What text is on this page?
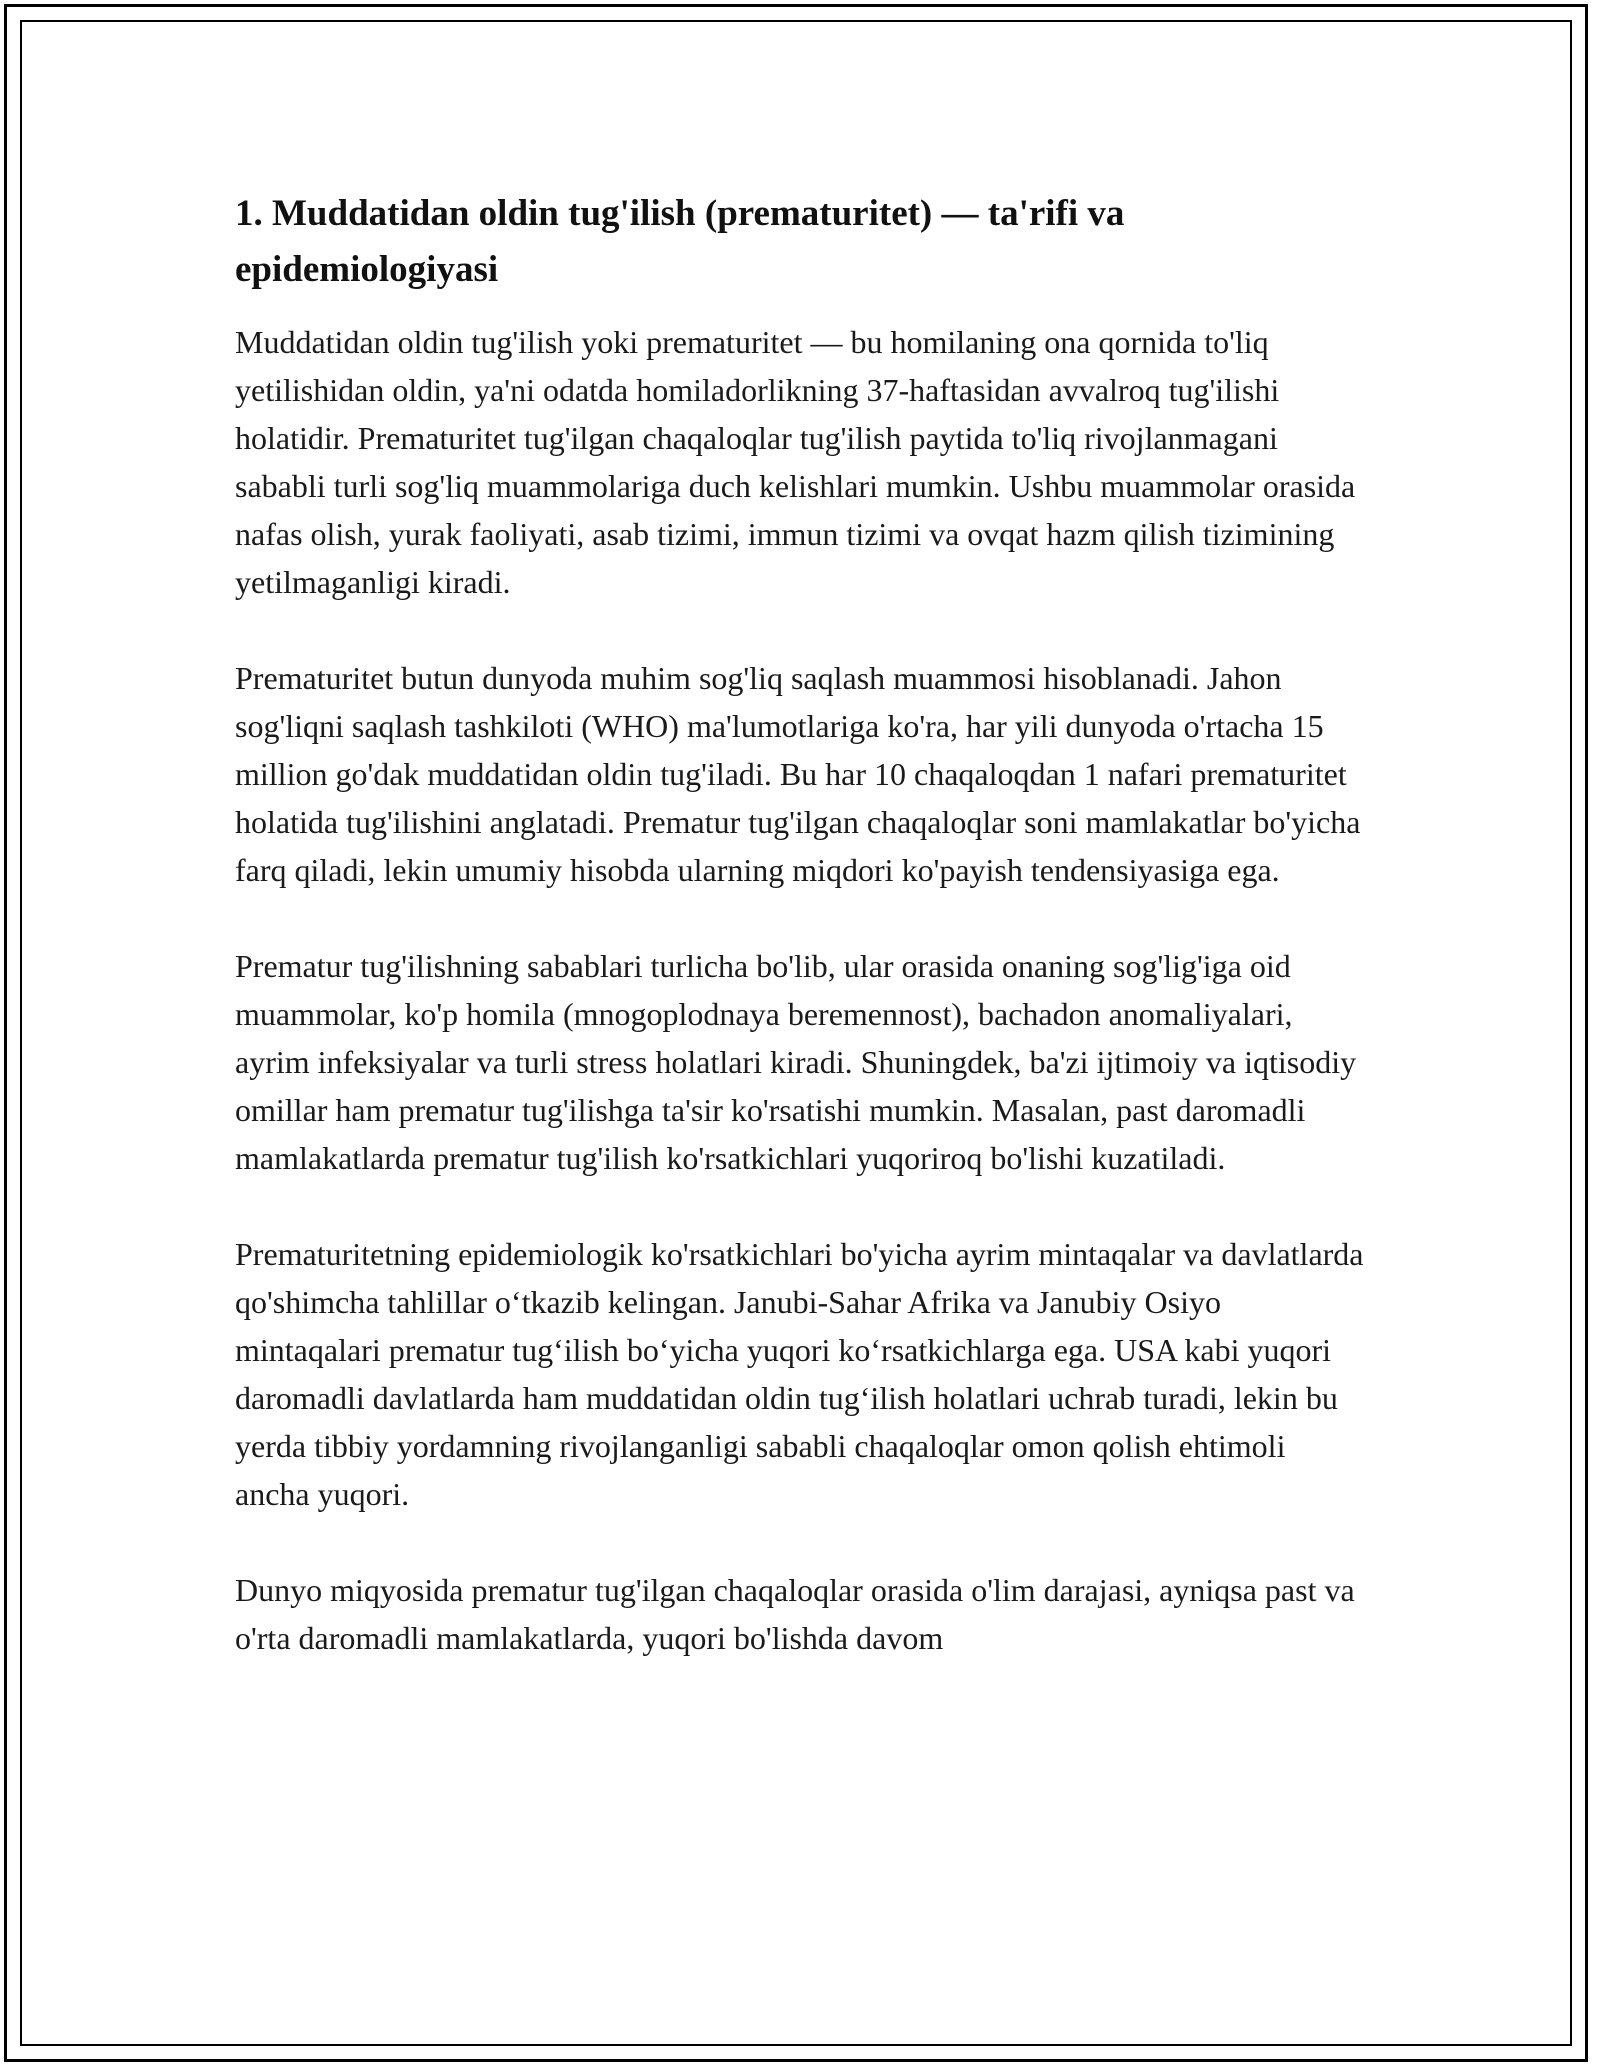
1. Muddatidan oldin tug'ilish (prematuritet) — ta'rifi va epidemiologiyasi

Muddatidan oldin tug'ilish yoki prematuritet — bu homilaning ona qornida to'liq yetilishidan oldin, ya'ni odatda homiladorlikning 37-haftasidan avvalroq tug'ilishi holatidir. Prematuritet tug'ilgan chaqaloqlar tug'ilish paytida to'liq rivojlanmagani sababli turli sog'liq muammolariga duch kelishlari mumkin. Ushbu muammolar orasida nafas olish, yurak faoliyati, asab tizimi, immun tizimi va ovqat hazm qilish tizimining yetilmaganligi kiradi.

Prematuritet butun dunyoda muhim sog'liq saqlash muammosi hisoblanadi. Jahon sog'liqni saqlash tashkiloti (WHO) ma'lumotlariga ko'ra, har yili dunyoda o'rtacha 15 million go'dak muddatidan oldin tug'iladi. Bu har 10 chaqaloqdan 1 nafari prematuritet holatida tug'ilishini anglatadi. Prematur tug'ilgan chaqaloqlar soni mamlakatlar bo'yicha farq qiladi, lekin umumiy hisobda ularning miqdori ko'payish tendensiyasiga ega.

Prematur tug'ilishning sabablari turlicha bo'lib, ular orasida onaning sog'lig'iga oid muammolar, ko'p homila (mnogoplodnaya beremennost), bachadon anomaliyalari, ayrim infeksiyalar va turli stress holatlari kiradi. Shuningdek, ba'zi ijtimoiy va iqtisodiy omillar ham prematur tug'ilishga ta'sir ko'rsatishi mumkin. Masalan, past daromadli mamlakatlarda prematur tug'ilish ko'rsatkichlari yuqoriroq bo'lishi kuzatiladi.

Prematuritetning epidemiologik ko'rsatkichlari bo'yicha ayrim mintaqalar va davlatlarda qo'shimcha tahlillar o‘tkazib kelingan. Janubi-Sahar Afrika va Janubiy Osiyo mintaqalari prematur tug‘ilish bo‘yicha yuqori ko‘rsatkichlarga ega. USA kabi yuqori daromadli davlatlarda ham muddatidan oldin tug‘ilish holatlari uchrab turadi, lekin bu yerda tibbiy yordamning rivojlanganligi sababli chaqaloqlar omon qolish ehtimoli ancha yuqori.

Dunyo miqyosida prematur tug'ilgan chaqaloqlar orasida o'lim darajasi, ayniqsa past va o'rta daromadli mamlakatlarda, yuqori bo'lishda davom
